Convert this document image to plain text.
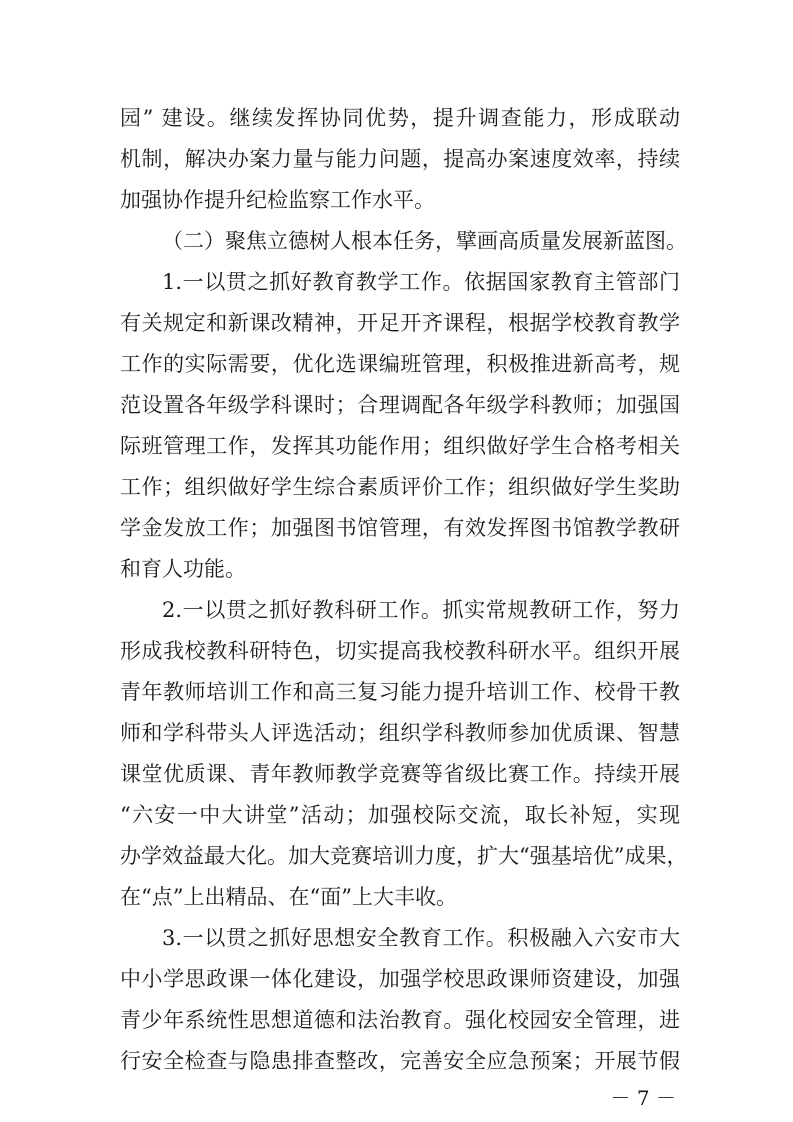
园” 建设。继续发挥协同优势，提升调查能力，形成联动
机制，解决办案力量与能力问题，提高办案速度效率，持续
加强协作提升纪检监察工作水平。
（二）聚焦立德树人根本任务，擘画高质量发展新蓝图。
1.一以贯之抓好教育教学工作。依据国家教育主管部门
有关规定和新课改精神，开足开齐课程，根据学校教育教学
工作的实际需要，优化选课编班管理，积极推进新高考，规
范设置各年级学科课时；合理调配各年级学科教师；加强国
际班管理工作，发挥其功能作用；组织做好学生合格考相关
工作；组织做好学生综合素质评价工作；组织做好学生奖助
学金发放工作；加强图书馆管理，有效发挥图书馆教学教研
和育人功能。
2.一以贯之抓好教科研工作。抓实常规教研工作，努力
形成我校教科研特色，切实提高我校教科研水平。组织开展
青年教师培训工作和高三复习能力提升培训工作、校骨干教
师和学科带头人评选活动；组织学科教师参加优质课、智慧
课堂优质课、青年教师教学竞赛等省级比赛工作。持续开展
“六安一中大讲堂”活动；加强校际交流，取长补短，实现
办学效益最大化。加大竞赛培训力度，扩大“强基培优”成果，
在“点”上出精品、在“面”上大丰收。
3.一以贯之抓好思想安全教育工作。积极融入六安市大
中小学思政课一体化建设，加强学校思政课师资建设，加强
青少年系统性思想道德和法治教育。强化校园安全管理，进
行安全检查与隐患排查整改，完善安全应急预案；开展节假
－ 7 －
